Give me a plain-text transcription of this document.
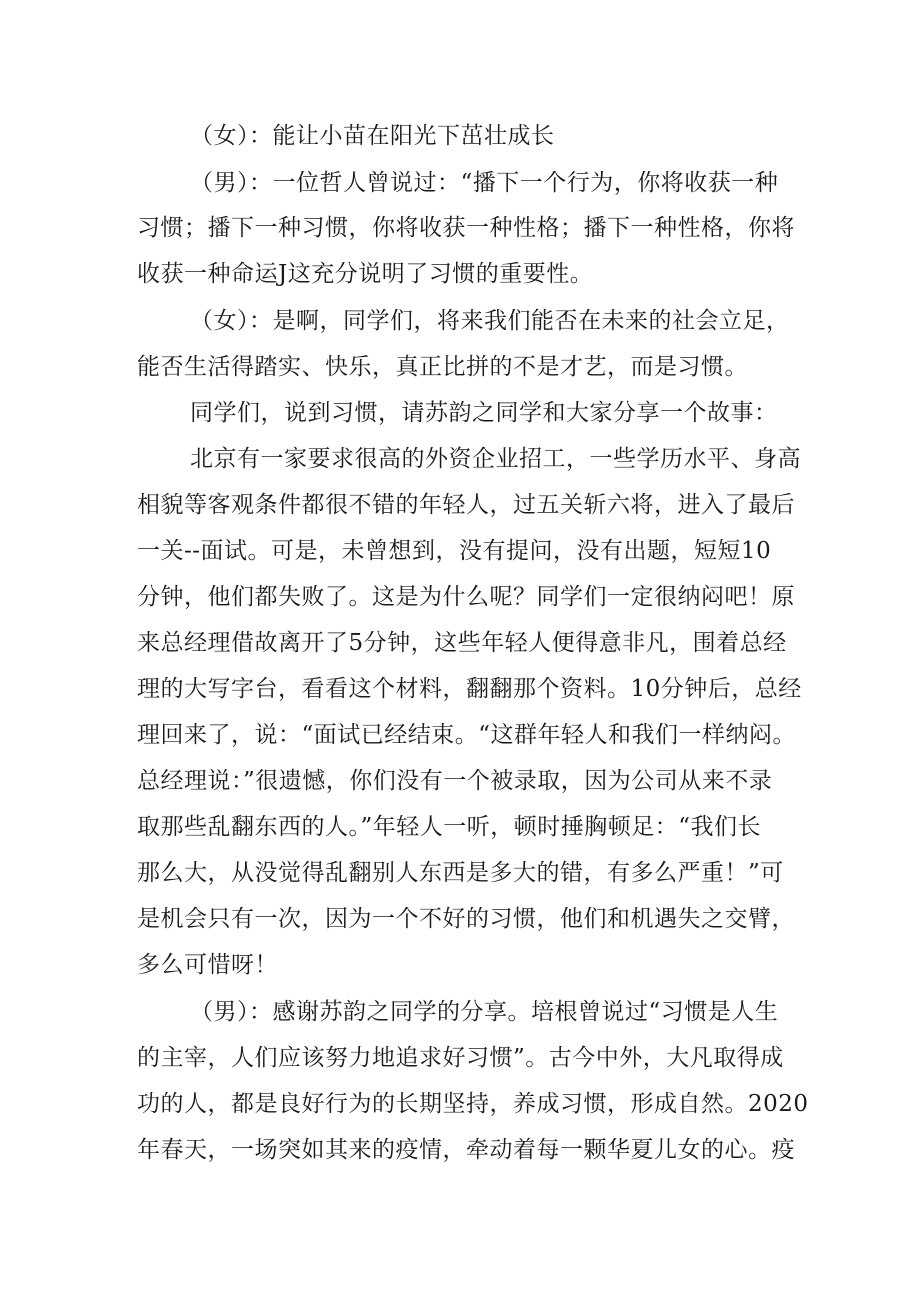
（女）：能让小苗在阳光下茁壮成长
（男）：一位哲人曾说过：“播下一个行为，你将收获一种
习惯；播下一种习惯，你将收获一种性格；播下一种性格，你将
收获一种命运J这充分说明了习惯的重要性。
（女）：是啊，同学们，将来我们能否在未来的社会立足，
能否生活得踏实、快乐，真正比拼的不是才艺，而是习惯。
同学们，说到习惯，请苏韵之同学和大家分享一个故事：
北京有一家要求很高的外资企业招工，一些学历水平、身高
相貌等客观条件都很不错的年轻人，过五关斩六将，进入了最后
一关--面试。可是，未曾想到，没有提问，没有出题，短短10
分钟，他们都失败了。这是为什么呢？同学们一定很纳闷吧！原
来总经理借故离开了5分钟，这些年轻人便得意非凡，围着总经
理的大写字台，看看这个材料，翻翻那个资料。10分钟后，总经
理回来了，说：“面试已经结束。“这群年轻人和我们一样纳闷。
总经理说：”很遗憾，你们没有一个被录取，因为公司从来不录
取那些乱翻东西的人。”年轻人一听，顿时捶胸顿足：“我们长
那么大，从没觉得乱翻别人东西是多大的错，有多么严重！”可
是机会只有一次，因为一个不好的习惯，他们和机遇失之交臂，
多么可惜呀！
（男）：感谢苏韵之同学的分享。培根曾说过“习惯是人生
的主宰，人们应该努力地追求好习惯”。古今中外，大凡取得成
功的人，都是良好行为的长期坚持，养成习惯，形成自然。2020
年春天，一场突如其来的疫情，牵动着每一颗华夏儿女的心。疫
